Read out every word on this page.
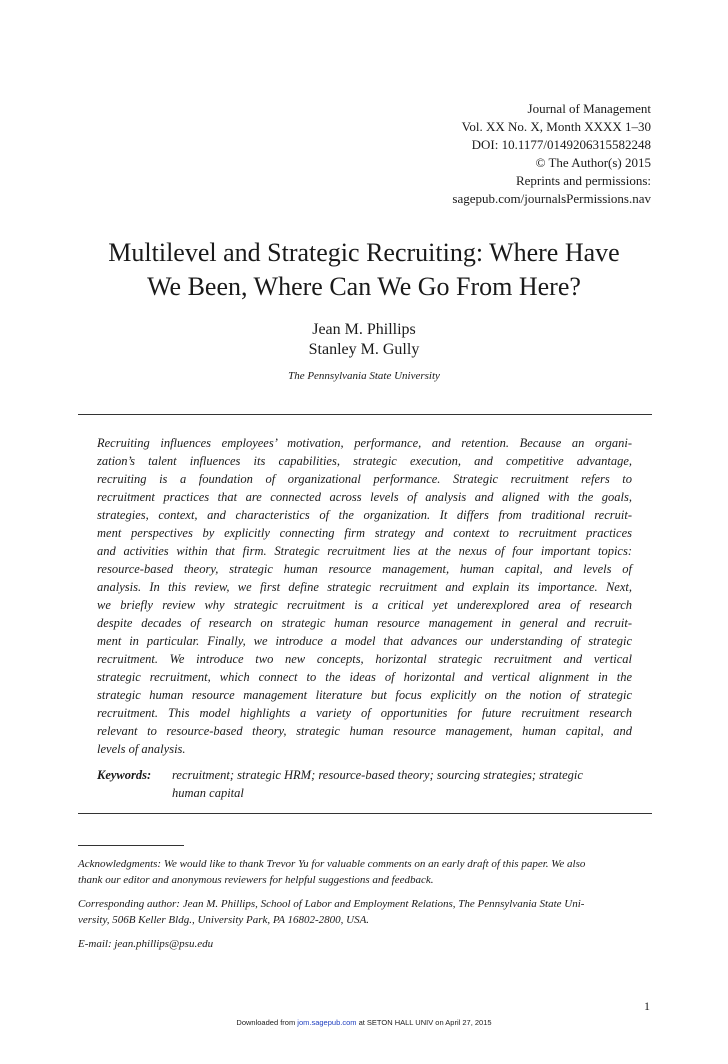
Journal of Management
Vol. XX No. X, Month XXXX 1–30
DOI: 10.1177/0149206315582248
© The Author(s) 2015
Reprints and permissions:
sagepub.com/journalsPermissions.nav
Multilevel and Strategic Recruiting: Where Have
We Been, Where Can We Go From Here?
Jean M. Phillips
Stanley M. Gully
The Pennsylvania State University
Recruiting influences employees’ motivation, performance, and retention. Because an organi-
zation’s talent influences its capabilities, strategic execution, and competitive advantage,
recruiting is a foundation of organizational performance. Strategic recruitment refers to
recruitment practices that are connected across levels of analysis and aligned with the goals,
strategies, context, and characteristics of the organization. It differs from traditional recruit-
ment perspectives by explicitly connecting firm strategy and context to recruitment practices
and activities within that firm. Strategic recruitment lies at the nexus of four important topics:
resource-based theory, strategic human resource management, human capital, and levels of
analysis. In this review, we first define strategic recruitment and explain its importance. Next,
we briefly review why strategic recruitment is a critical yet underexplored area of research
despite decades of research on strategic human resource management in general and recruit-
ment in particular. Finally, we introduce a model that advances our understanding of strategic
recruitment. We introduce two new concepts, horizontal strategic recruitment and vertical
strategic recruitment, which connect to the ideas of horizontal and vertical alignment in the
strategic human resource management literature but focus explicitly on the notion of strategic
recruitment. This model highlights a variety of opportunities for future recruitment research
relevant to resource-based theory, strategic human resource management, human capital, and
levels of analysis.
Keywords: recruitment; strategic HRM; resource-based theory; sourcing strategies; strategic
human capital
Acknowledgments: We would like to thank Trevor Yu for valuable comments on an early draft of this paper. We also
thank our editor and anonymous reviewers for helpful suggestions and feedback.
Corresponding author: Jean M. Phillips, School of Labor and Employment Relations, The Pennsylvania State Uni-
versity, 506B Keller Bldg., University Park, PA 16802-2800, USA.
E-mail: jean.phillips@psu.edu
1
Downloaded from jom.sagepub.com at SETON HALL UNIV on April 27, 2015
